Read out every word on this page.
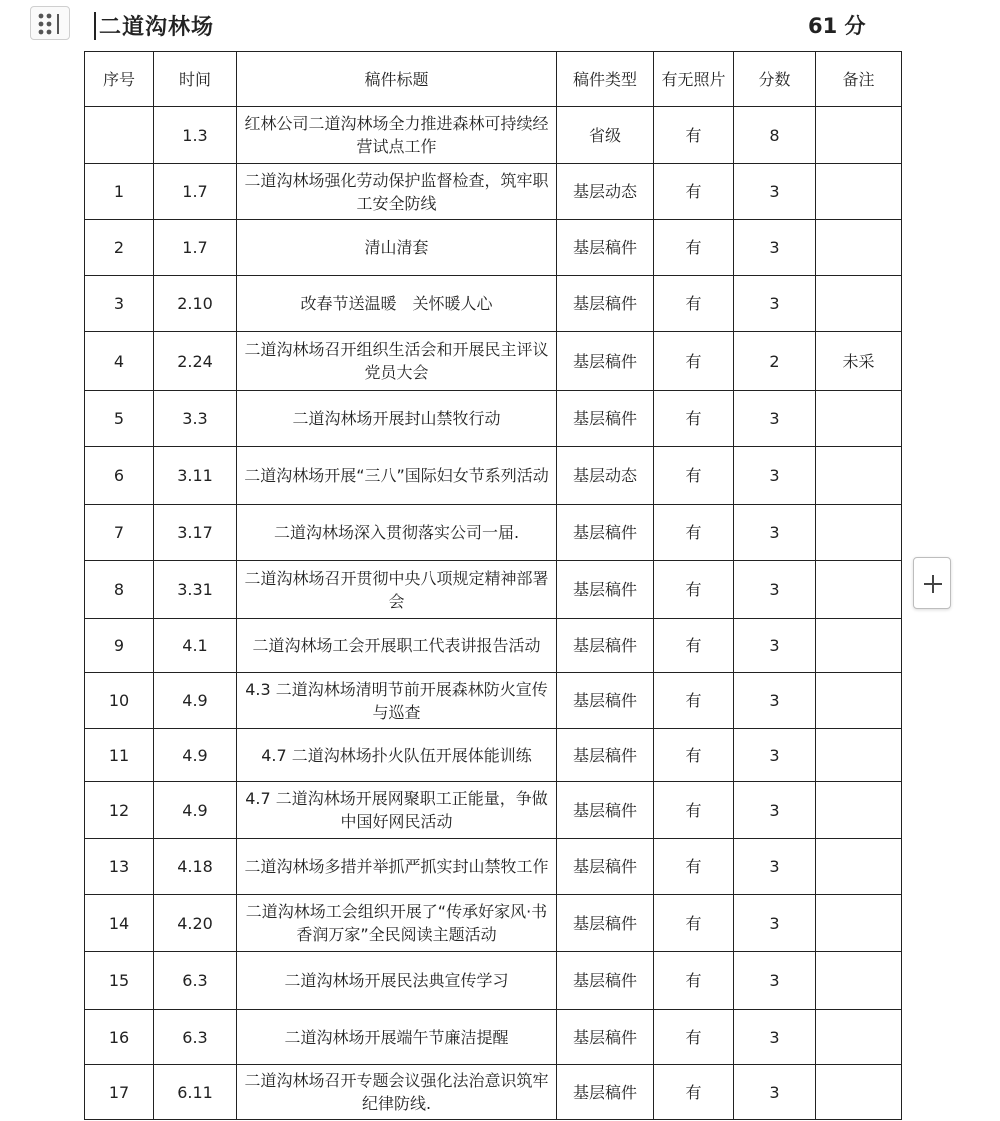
二道沟林场	61 分
序号	时间	稿件标题	稿件类型	有无照片	分数	备注
	1.3	红林公司二道沟林场全力推进森林可持续经营试点工作	省级	有	8	
1	1.7	二道沟林场强化劳动保护监督检查，筑牢职工安全防线	基层动态	有	3	
2	1.7	清山清套	基层稿件	有	3	
3	2.10	改春节送温暖　关怀暖人心	基层稿件	有	3	
4	2.24	二道沟林场召开组织生活会和开展民主评议党员大会	基层稿件	有	2	未采
5	3.3	二道沟林场开展封山禁牧行动	基层稿件	有	3	
6	3.11	二道沟林场开展“三八”国际妇女节系列活动	基层动态	有	3	
7	3.17	二道沟林场深入贯彻落实公司一届.	基层稿件	有	3	
8	3.31	二道沟林场召开贯彻中央八项规定精神部署会	基层稿件	有	3	
9	4.1	二道沟林场工会开展职工代表讲报告活动	基层稿件	有	3	
10	4.9	4.3 二道沟林场清明节前开展森林防火宣传与巡查	基层稿件	有	3	
11	4.9	4.7 二道沟林场扑火队伍开展体能训练	基层稿件	有	3	
12	4.9	4.7 二道沟林场开展网聚职工正能量，争做中国好网民活动	基层稿件	有	3	
13	4.18	二道沟林场多措并举抓严抓实封山禁牧工作	基层稿件	有	3	
14	4.20	二道沟林场工会组织开展了“传承好家风·书香润万家”全民阅读主题活动	基层稿件	有	3	
15	6.3	二道沟林场开展民法典宣传学习	基层稿件	有	3	
16	6.3	二道沟林场开展端午节廉洁提醒	基层稿件	有	3	
17	6.11	二道沟林场召开专题会议强化法治意识筑牢纪律防线.	基层稿件	有	3	
